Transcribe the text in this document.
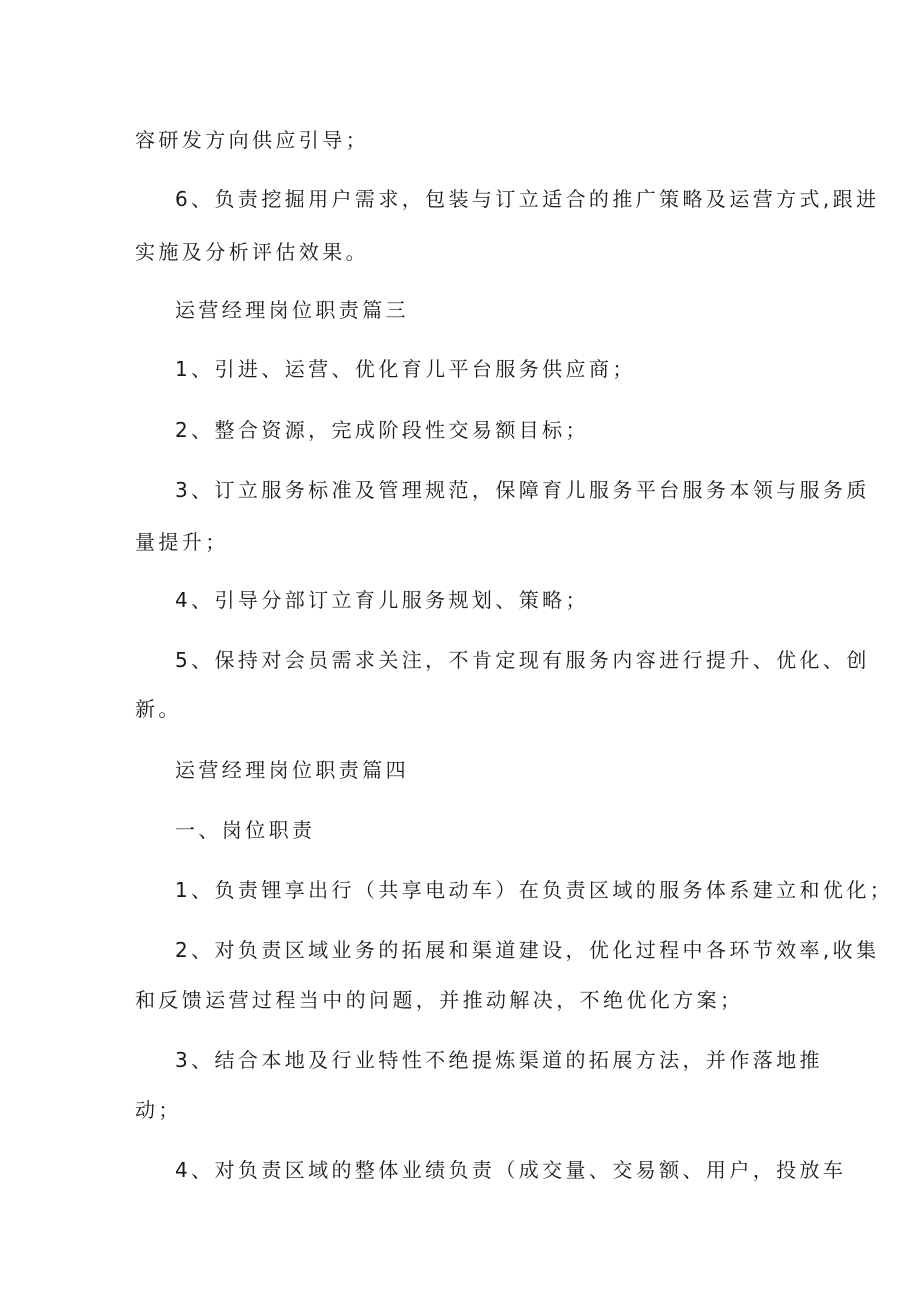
容研发方向供应引导；
6、负责挖掘用户需求，包装与订立适合的推广策略及运营方式,跟进
实施及分析评估效果。
运营经理岗位职责篇三
1、引进、运营、优化育儿平台服务供应商；
2、整合资源，完成阶段性交易额目标；
3、订立服务标准及管理规范，保障育儿服务平台服务本领与服务质
量提升；
4、引导分部订立育儿服务规划、策略；
5、保持对会员需求关注，不肯定现有服务内容进行提升、优化、创
新。
运营经理岗位职责篇四
一、岗位职责
1、负责锂享出行（共享电动车）在负责区域的服务体系建立和优化；
2、对负责区域业务的拓展和渠道建设，优化过程中各环节效率,收集
和反馈运营过程当中的问题，并推动解决，不绝优化方案；
3、结合本地及行业特性不绝提炼渠道的拓展方法，并作落地推
动；
4、对负责区域的整体业绩负责（成交量、交易额、用户，投放车
